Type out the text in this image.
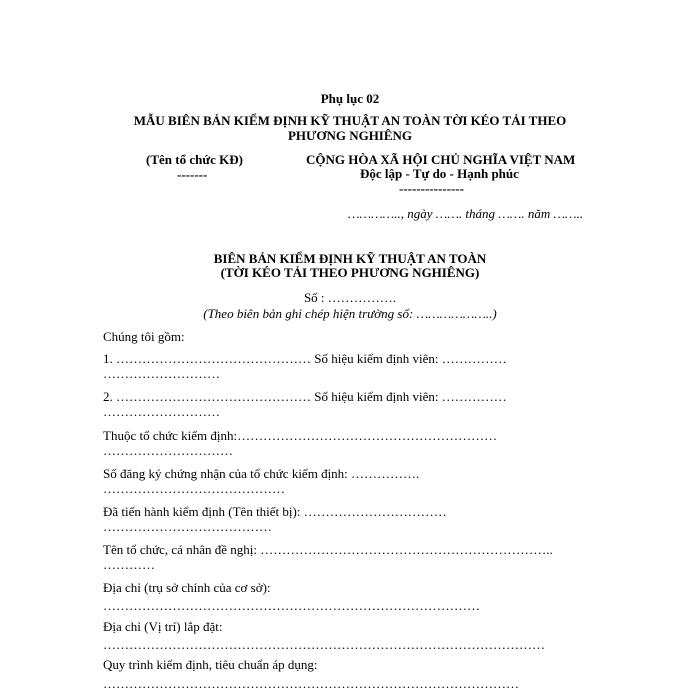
Phụ lục 02
MẪU BIÊN BẢN KIỂM ĐỊNH KỸ THUẬT AN TOÀN TỜI KÉO TẢI THEO
PHƯƠNG NGHIÊNG
(Tên tổ chức KĐ)
-------
CỘNG HÒA XÃ HỘI CHỦ NGHĨA VIỆT NAM
Độc lập - Tự do - Hạnh phúc
---------------
………….., ngày ……. tháng ……. năm ……..
BIÊN BẢN KIỂM ĐỊNH KỸ THUẬT AN TOÀN
(TỜI KÉO TẢI THEO PHƯƠNG NGHIÊNG)
Số : …………….
(Theo biên bản ghi chép hiện trường số: ………………..)
Chúng tôi gồm:
1. ……………………………………… Số hiệu kiểm định viên: ……………
………………………
2. ……………………………………… Số hiệu kiểm định viên: ……………
………………………
Thuộc tổ chức kiểm định:……………………………………………………
…………………………
Số đăng ký chứng nhận của tổ chức kiểm định: …………….
……………………………………
Đã tiến hành kiểm định (Tên thiết bị): ……………………………
…………………………………
Tên tổ chức, cá nhân đề nghị: …………………………………………………………..
…………
Địa chỉ (trụ sở chính của cơ sở):
……………………………………………………………………………
Địa chỉ (Vị trí) lắp đặt:
…………………………………………………………………………………………
Quy trình kiểm định, tiêu chuẩn áp dụng:
……………………………………………………………………………………
